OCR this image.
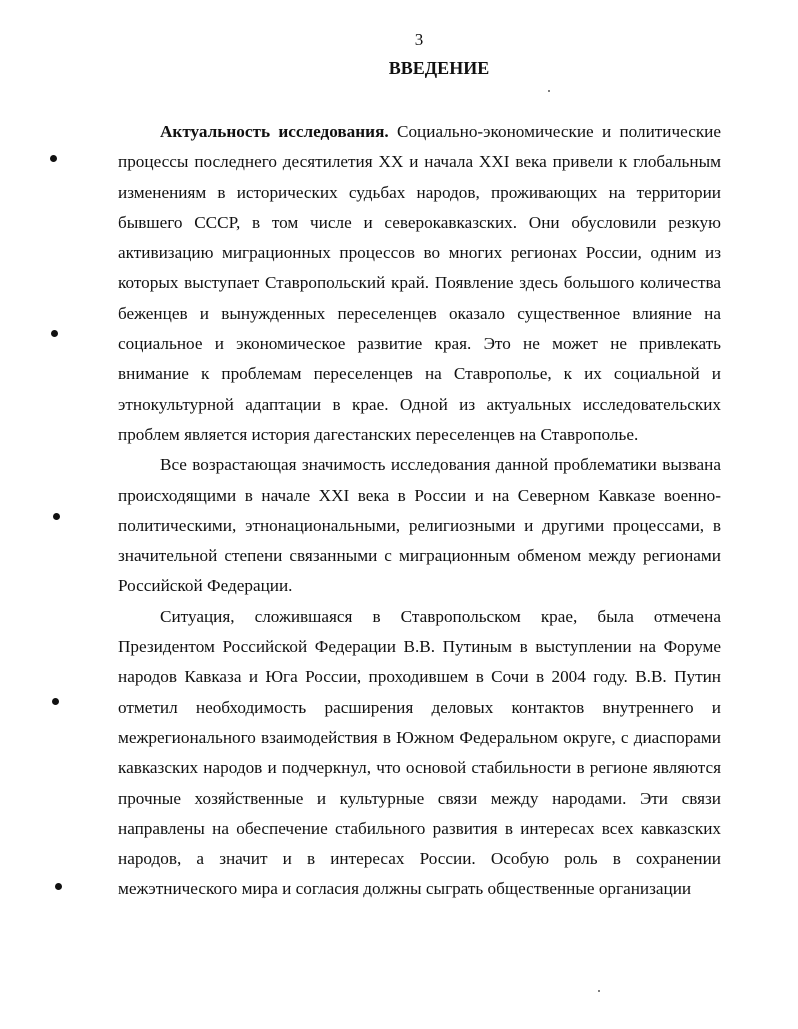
3
ВВЕДЕНИЕ

Актуальность исследования. Социально-экономические и политические процессы последнего десятилетия XX и начала XXI века привели к глобальным изменениям в исторических судьбах народов, проживающих на территории бывшего СССР, в том числе и северокавказских. Они обусловили резкую активизацию миграционных процессов во многих регионах России, одним из которых выступает Ставропольский край. Появление здесь большого количества беженцев и вынужденных переселенцев оказало существенное влияние на социальное и экономическое развитие края. Это не может не привлекать внимание к проблемам переселенцев на Ставрополье, к их социальной и этнокультурной адаптации в крае. Одной из актуальных исследовательских проблем является история дагестанских переселенцев на Ставрополье.

Все возрастающая значимость исследования данной проблематики вызвана происходящими в начале XXI века в России и на Северном Кавказе военно-политическими, этнонациональными, религиозными и другими процессами, в значительной степени связанными с миграционным обменом между регионами Российской Федерации.

Ситуация, сложившаяся в Ставропольском крае, была отмечена Президентом Российской Федерации В.В. Путиным в выступлении на Форуме народов Кавказа и Юга России, проходившем в Сочи в 2004 году. В.В. Путин отметил необходимость расширения деловых контактов внутреннего и межрегионального взаимодействия в Южном Федеральном округе, с диаспорами кавказских народов и подчеркнул, что основой стабильности в регионе являются прочные хозяйственные и культурные связи между народами. Эти связи направлены на обеспечение стабильного развития в интересах всех кавказских народов, а значит и в интересах России. Особую роль в сохранении межэтнического мира и согласия должны сыграть общественные организации
